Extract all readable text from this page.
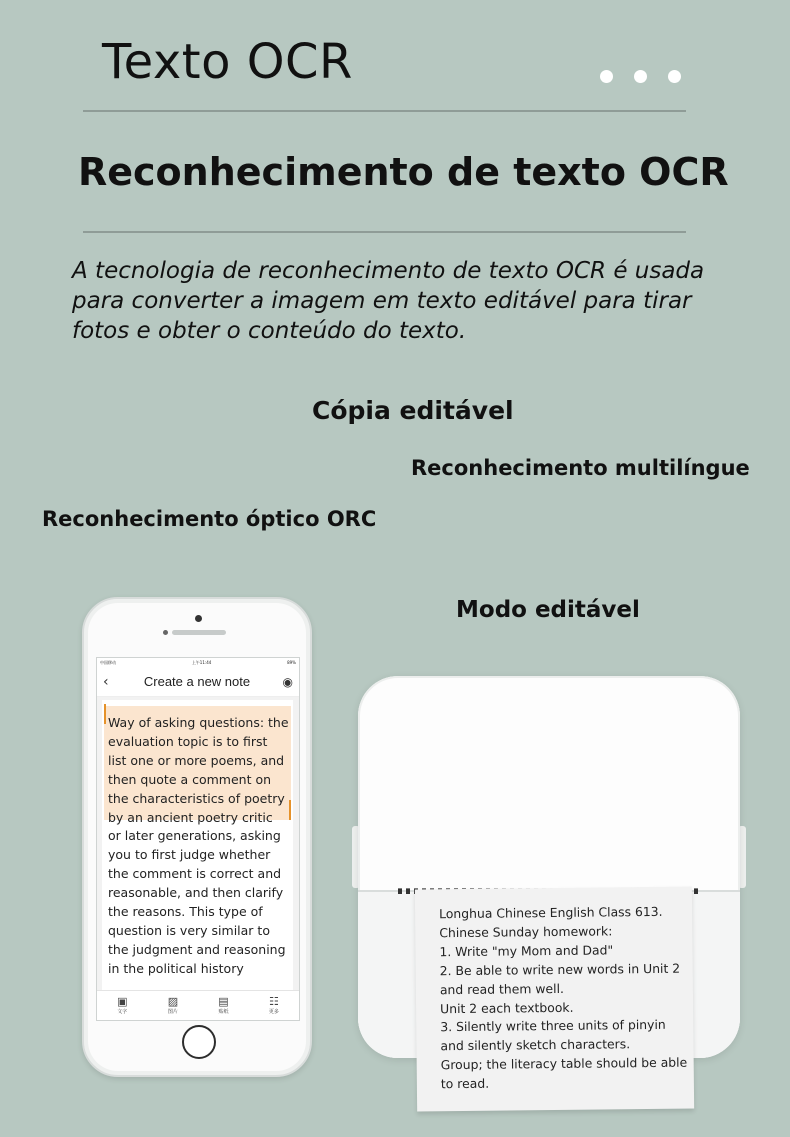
Texto OCR
Reconhecimento de texto OCR

A tecnologia de reconhecimento de texto OCR é usada para converter a imagem em texto editável para tirar fotos e obter o conteúdo do texto.

Cópia editável
Reconhecimento multilíngue
Reconhecimento óptico ORC
Modo editável
中国移动	上午11:44	89%
‹	Create a new note	◉
Way of asking questions: the
evaluation topic is to first
list one or more poems, and
then quote a comment on
the characteristics of poetry
by an ancient poetry critic
or later generations, asking
you to first judge whether
the comment is correct and
reasonable, and then clarify
the reasons. This type of
question is very similar to
the judgment and reasoning
in the political history
▣
文字
▨
图片
▤
贴纸
☷
更多
Longhua Chinese English Class 613.
Chinese Sunday homework:
1. Write "my Mom and Dad"
2. Be able to write new words in Unit 2
and read them well.
Unit 2 each textbook.
3. Silently write three units of pinyin
and silently sketch characters.
Group; the literacy table should be able
to read.
